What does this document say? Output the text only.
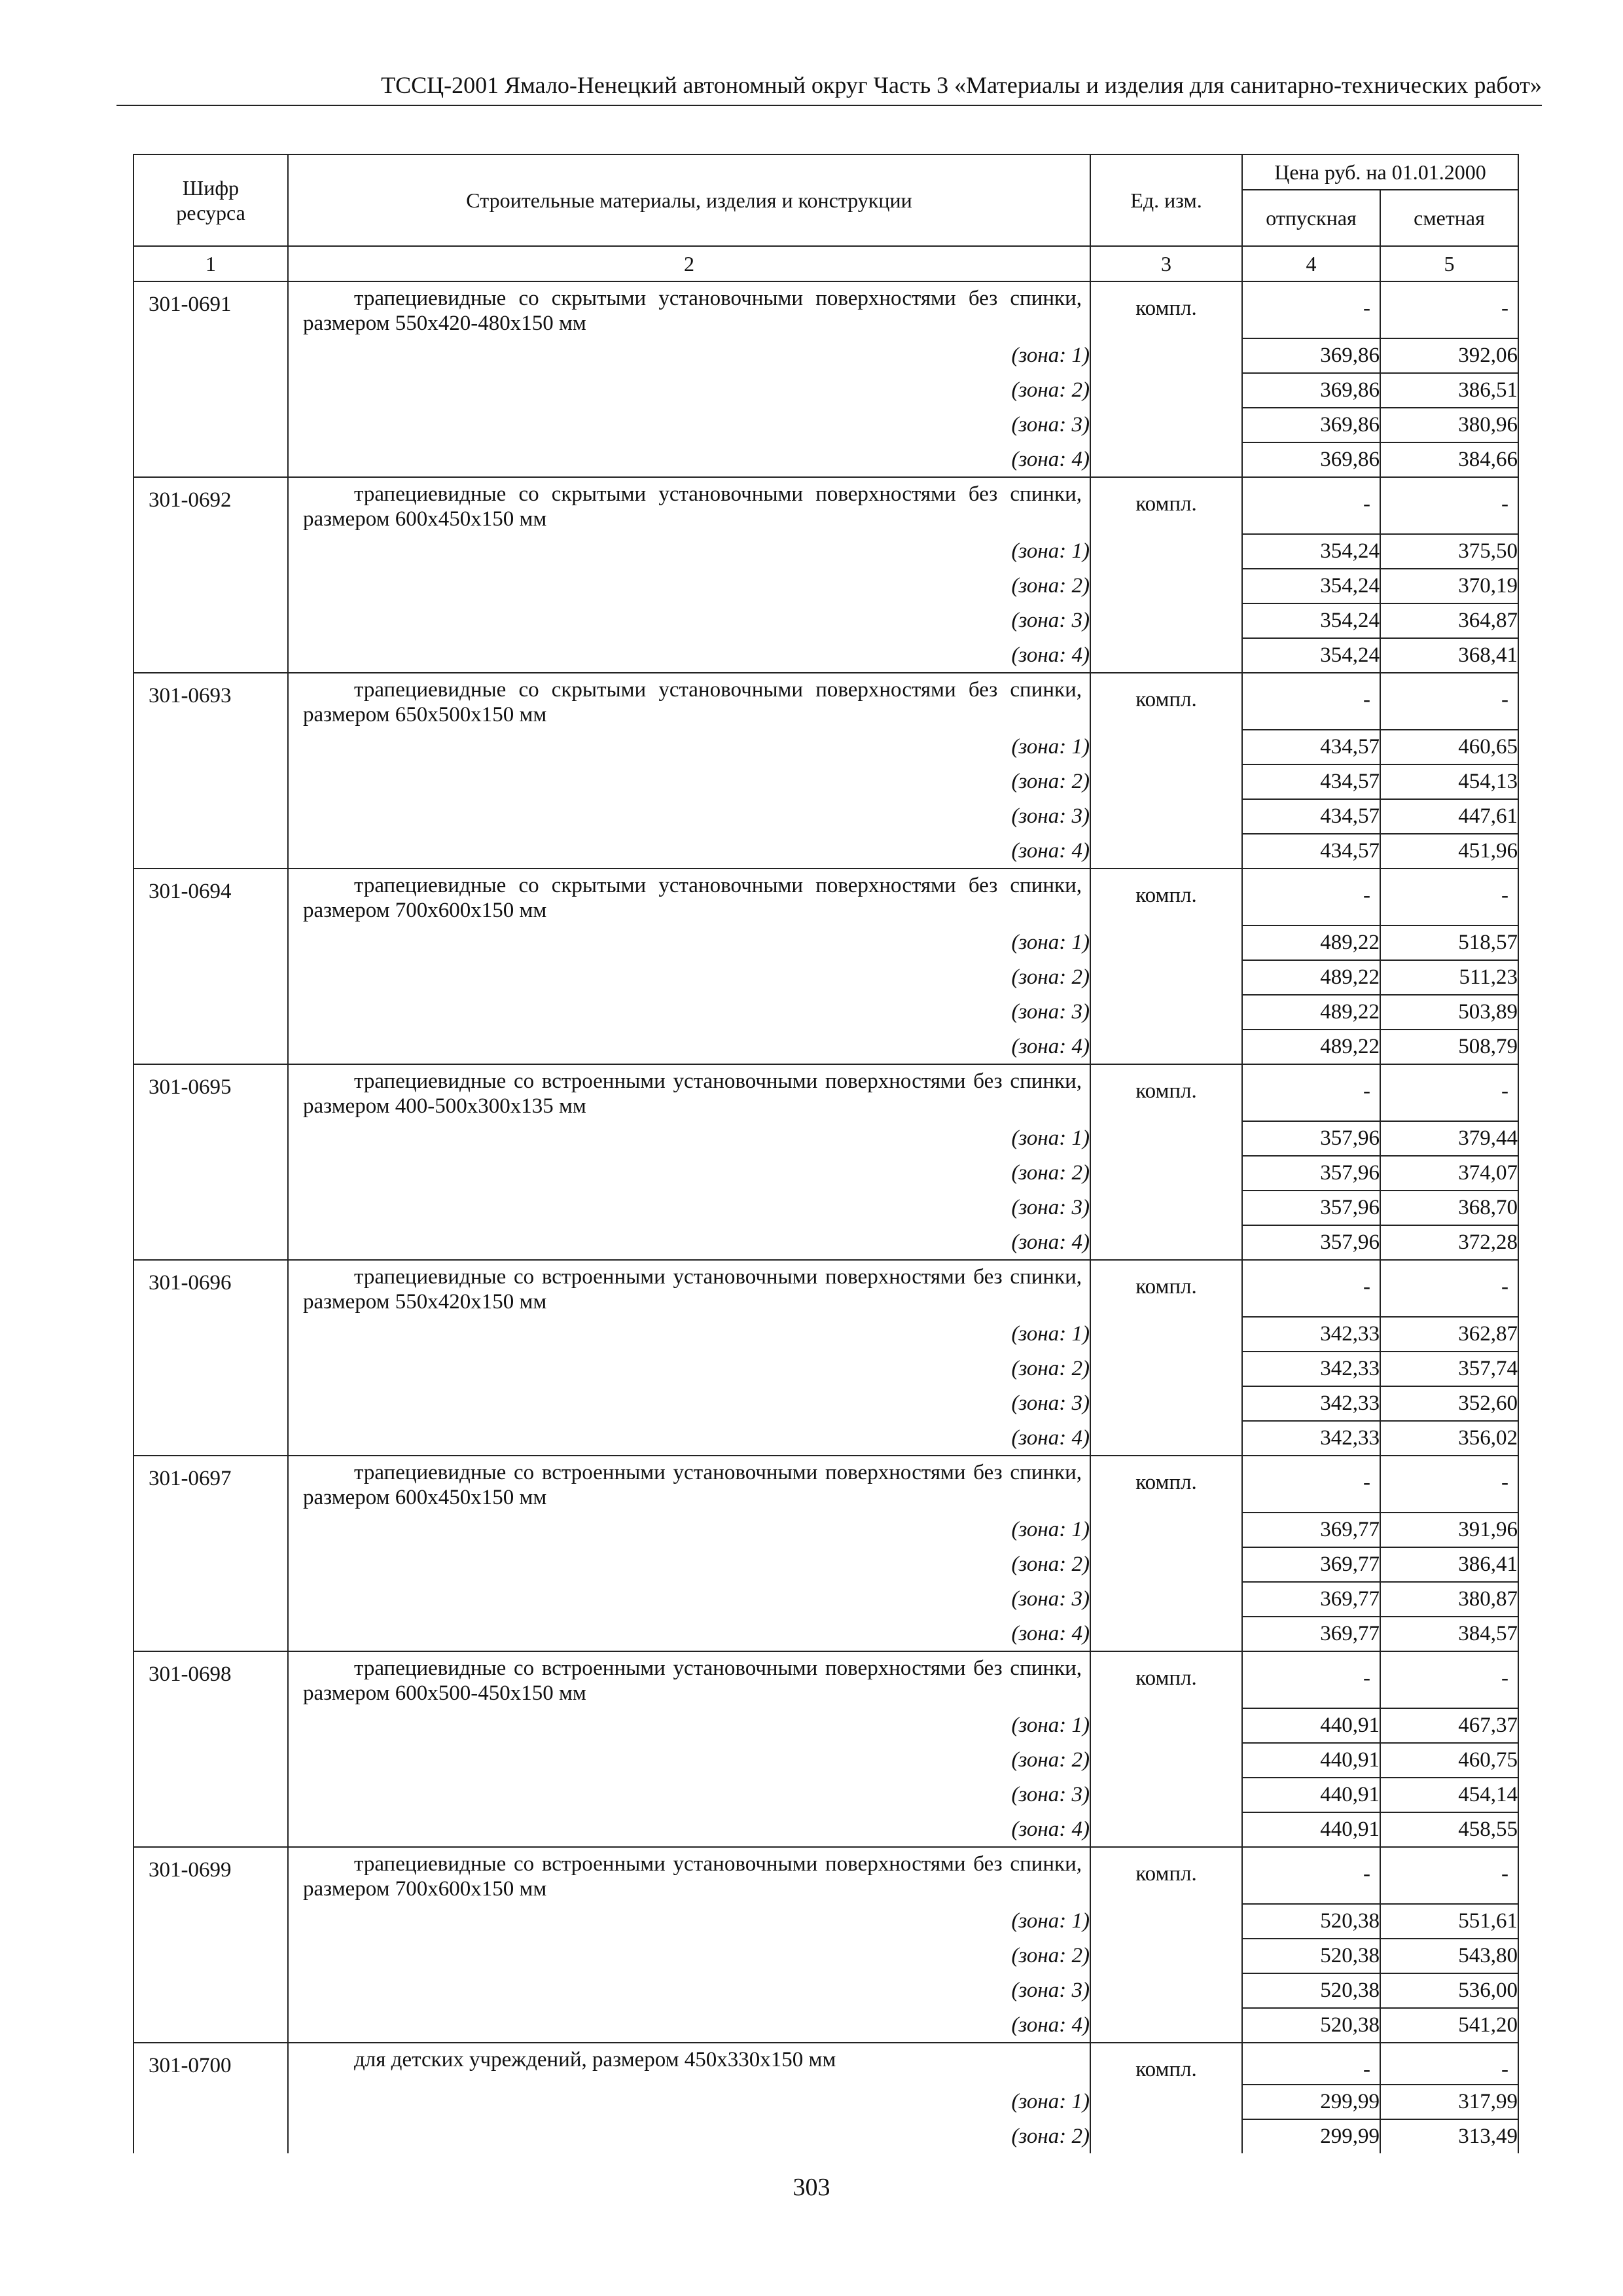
ТССЦ-2001 Ямало-Ненецкий автономный округ Часть 3 «Материалы и изделия для санитарно-технических работ»
Шифр ресурса	Строительные материалы, изделия и конструкции	Ед. изм.	Цена руб. на 01.01.2000	
			отпускная	сметная
1	2	3	4	5
301-0691	трапециевидные со скрытыми установочными поверхностями без спинки, размером 550х420-480х150 мм	компл.	-	-

	(зона: 1)		369,86	392,06
	(зона: 2)		369,86	386,51
	(зона: 3)		369,86	380,96
	(зона: 4)		369,86	384,66
301-0692	трапециевидные со скрытыми установочными поверхностями без спинки, размером 600х450х150 мм	компл.	-	-

	(зона: 1)		354,24	375,50
	(зона: 2)		354,24	370,19
	(зона: 3)		354,24	364,87
	(зона: 4)		354,24	368,41
301-0693	трапециевидные со скрытыми установочными поверхностями без спинки, размером 650х500х150 мм	компл.	-	-

	(зона: 1)		434,57	460,65
	(зона: 2)		434,57	454,13
	(зона: 3)		434,57	447,61
	(зона: 4)		434,57	451,96
301-0694	трапециевидные со скрытыми установочными поверхностями без спинки, размером 700х600х150 мм	компл.	-	-

	(зона: 1)		489,22	518,57
	(зона: 2)		489,22	511,23
	(зона: 3)		489,22	503,89
	(зона: 4)		489,22	508,79
301-0695	трапециевидные со встроенными установочными поверхностями без спинки, размером 400-500х300х135 мм	компл.	-	-

	(зона: 1)		357,96	379,44
	(зона: 2)		357,96	374,07
	(зона: 3)		357,96	368,70
	(зона: 4)		357,96	372,28
301-0696	трапециевидные со встроенными установочными поверхностями без спинки, размером 550х420х150 мм	компл.	-	-

	(зона: 1)		342,33	362,87
	(зона: 2)		342,33	357,74
	(зона: 3)		342,33	352,60
	(зона: 4)		342,33	356,02
301-0697	трапециевидные со встроенными установочными поверхностями без спинки, размером 600х450х150 мм	компл.	-	-

	(зона: 1)		369,77	391,96
	(зона: 2)		369,77	386,41
	(зона: 3)		369,77	380,87
	(зона: 4)		369,77	384,57
301-0698	трапециевидные со встроенными установочными поверхностями без спинки, размером 600х500-450х150 мм	компл.	-	-

	(зона: 1)		440,91	467,37
	(зона: 2)		440,91	460,75
	(зона: 3)		440,91	454,14
	(зона: 4)		440,91	458,55
301-0699	трапециевидные со встроенными установочными поверхностями без спинки, размером 700х600х150 мм	компл.	-	-

	(зона: 1)		520,38	551,61
	(зона: 2)		520,38	543,80
	(зона: 3)		520,38	536,00
	(зона: 4)		520,38	541,20
301-0700	для детских учреждений, размером 450х330х150 мм	компл.	-	-

	(зона: 1)		299,99	317,99
	(зона: 2)		299,99	313,49
303
